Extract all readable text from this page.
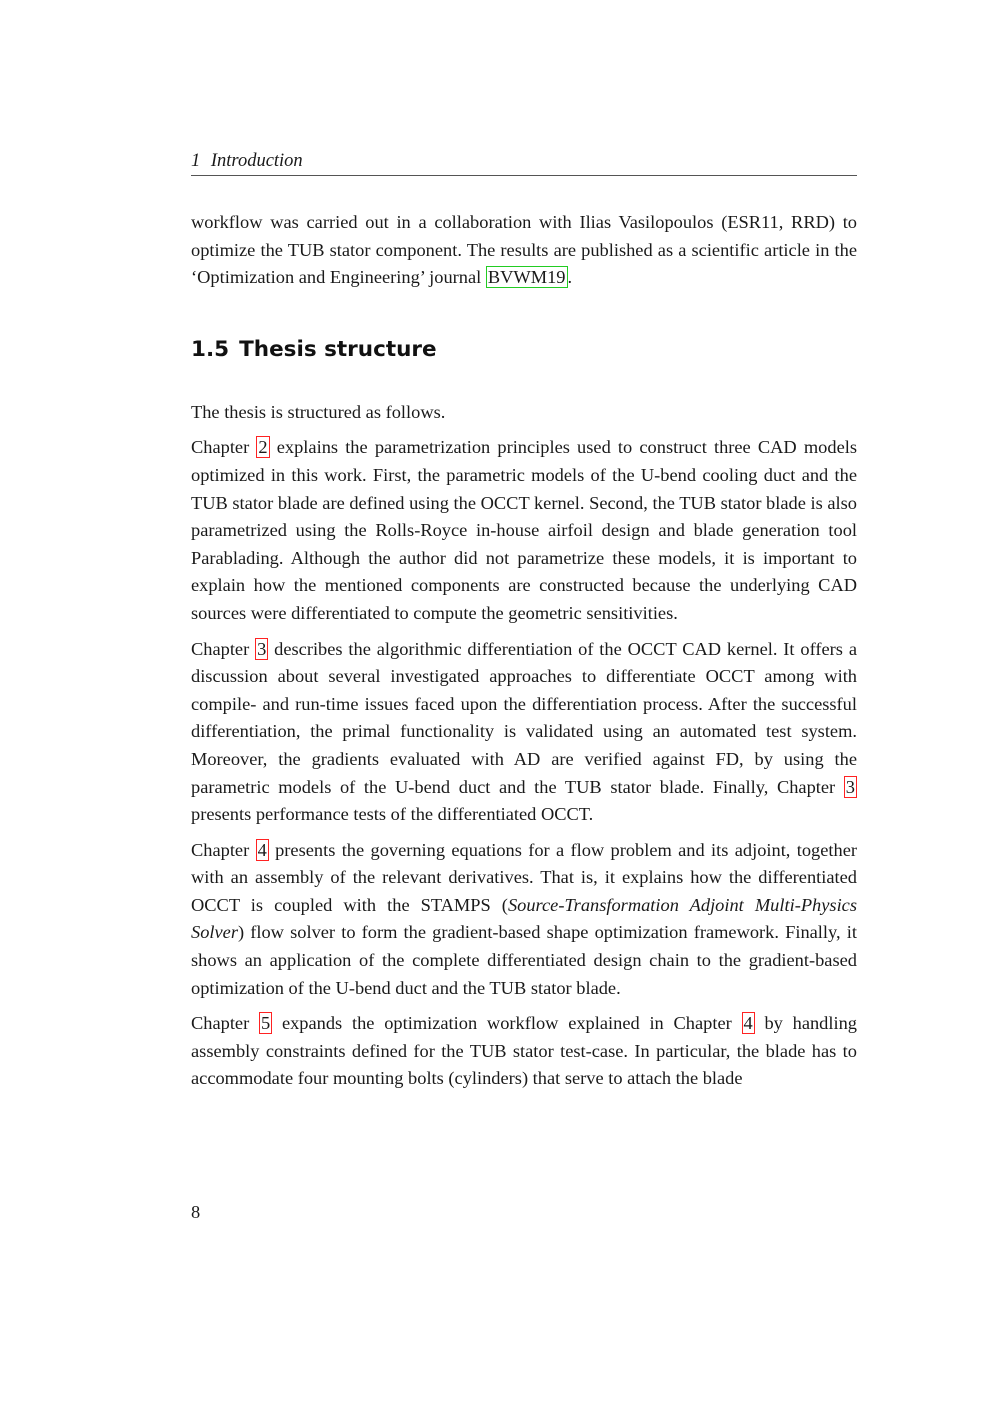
1 Introduction

workflow was carried out in a collaboration with Ilias Vasilopoulos (ESR11, RRD) to optimize the TUB stator component. The results are published as a scientific article in the ‘Optimization and Engineering’ journal BVWM19 .

1.5 Thesis structure

The thesis is structured as follows.

Chapter 2 explains the parametrization principles used to construct three CAD models optimized in this work. First, the parametric models of the U-bend cooling duct and the TUB stator blade are defined using the OCCT kernel. Second, the TUB stator blade is also parametrized using the Rolls-Royce in-house airfoil design and blade generation tool Parablading. Although the author did not parametrize these models, it is important to explain how the mentioned components are constructed because the underlying CAD sources were differentiated to compute the geometric sensitivities.

Chapter 3 describes the algorithmic differentiation of the OCCT CAD kernel. It offers a discussion about several investigated approaches to differentiate OCCT among with compile- and run-time issues faced upon the differentiation process. After the successful differentiation, the primal functionality is validated using an automated test system. Moreover, the gradients evaluated with AD are verified against FD, by using the parametric models of the U-bend duct and the TUB stator blade. Finally, Chapter 3 presents performance tests of the differentiated OCCT.

Chapter 4 presents the governing equations for a flow problem and its adjoint, together with an assembly of the relevant derivatives. That is, it explains how the differentiated OCCT is coupled with the STAMPS (Source-Transformation Adjoint Multi-Physics Solver) flow solver to form the gradient-based shape optimization framework. Finally, it shows an application of the complete differentiated design chain to the gradient-based optimization of the U-bend duct and the TUB stator blade.

Chapter 5 expands the optimization workflow explained in Chapter 4 by handling assembly constraints defined for the TUB stator test-case. In particular, the blade has to accommodate four mounting bolts (cylinders) that serve to attach the blade

8
